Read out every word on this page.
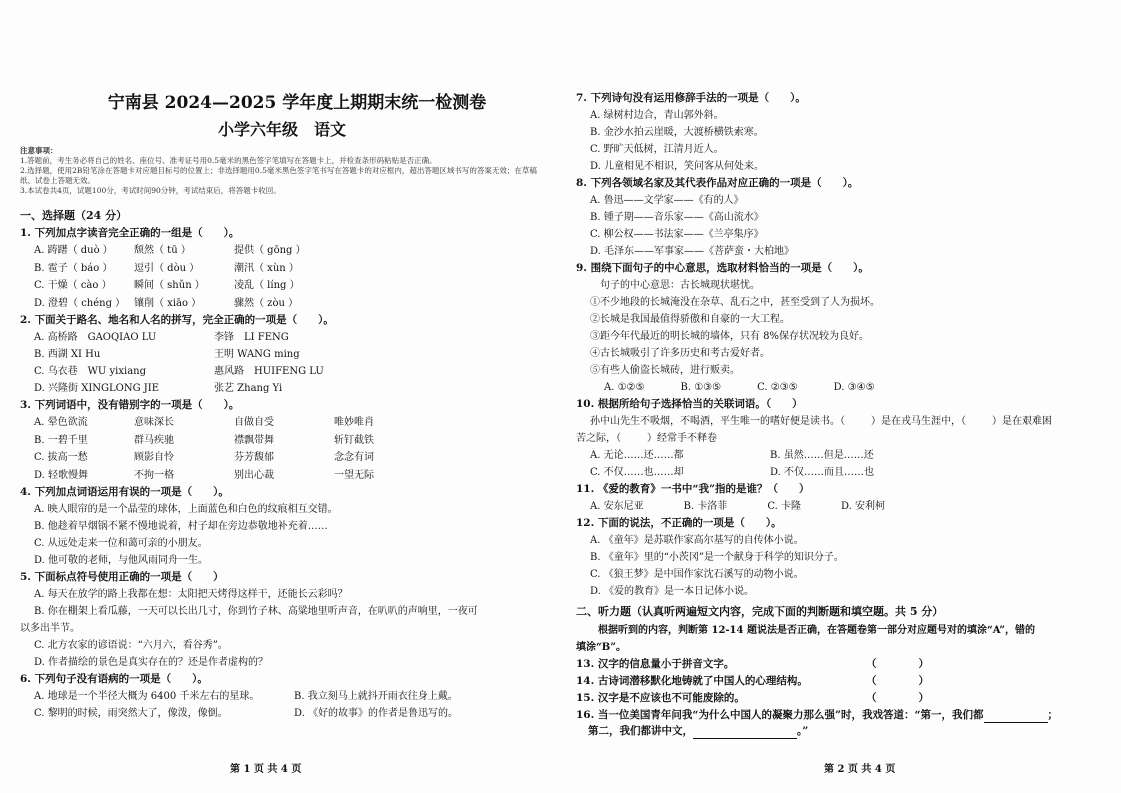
宁南县 2024—2025 学年度上期期末统一检测卷

小学六年级　语文

注意事项：

1.答题前，考生务必将自己的姓名、座位号、准考证号用0.5毫米的黑色签字笔填写在答题卡上，并检查条形码粘贴是否正确。

2.选择题，使用2B铅笔涂在答题卡对应题目标号的位置上；非选择题用0.5毫米黑色签字笔书写在答题卡的对应框内，超出答题区域书写的答案无效；在草稿纸、试卷上答题无效。

3.本试卷共4页，试题100分，考试时间90分钟，考试结束后，将答题卡收回。

一、选择题（24 分）
1. 下列加点字读音完全正确的一组是（　　）。
A. 踌躇（ duò ）	颓然（ tū ）	提供（ gōng ）
B. 雹子（ báo ）	逗引（ dòu ）	潮汛（ xùn ）
C. 干燥（ cào ）	瞬间（ shǔn ）	凌乱（ líng ）
D. 澄碧（ chéng ） 镶削（ xiāo ）	骤然（ zòu ）
2. 下面关于路名、地名和人名的拼写，完全正确的一项是（　　）。
A. 高桥路　GAOQIAO LU	李锋　LI FENG
B. 西湖 XI Hu	王明 WANG ming
C. 乌衣巷　WU yixiang	惠风路　HUIFENG LU
D. 兴隆街 XINGLONG JIE	张艺 Zhang Yi
3. 下列词语中，没有错别字的一项是（　　）。
A. 晕色欲流	意味深长	自做自受	唯妙唯肖
B. 一碧千里	群马疾驰	襟飘带舞	斩钉截铁
C. 拔高一愁	顾影自怜	芬芳馥郁	念念有词
D. 轻歌慢舞	不拘一格	别出心裁	一望无际
4. 下列加点词语运用有误的一项是（　　）。

A. 映人眼帘的是一个晶莹的球体，上面蓝色和白色的纹痕相互交错。

B. 他趁着早烟锅不紧不慢地说着，村子却在旁边恭敬地补充着……

C. 从远处走来一位和蔼可亲的小朋友。

D. 他可敬的老师，与他风雨同舟一生。

5. 下面标点符号使用正确的一项是（　　）

A. 每天在放学的路上我都在想：太阳把天烤得这样干，还能长云彩吗？

B. 你在棚架上看瓜藤，一天可以长出几寸，你到竹子林、高粱地里听声音，在叭叭的声响里，一夜可

以多出半节。

C. 北方农家的谚语说：“六月六，看谷秀”。

D. 作者描绘的景色是真实存在的？还是作者虚构的？

6. 下列句子没有语病的一项是（　　）。
A. 地球是一个半径大概为 6400 千米左右的星球。	B. 我立刻马上就抖开雨衣往身上戴。
C. 黎明的时候，雨突然大了，像泼，像倒。	D. 《好的故事》的作者是鲁迅写的。
第 1 页 共 4 页
7. 下列诗句没有运用修辞手法的一项是（　　）。

A. 绿树村边合，青山郭外斜。

B. 金沙水拍云崖暖，大渡桥横铁索寒。

C. 野旷天低树，江清月近人。

D. 儿童相见不相识，笑问客从何处来。

8. 下列各领域名家及其代表作品对应正确的一项是（　　）。

A. 鲁迅——文学家——《有的人》

B. 锺子期——音乐家——《高山流水》

C. 柳公权——书法家——《兰亭集序》

D. 毛泽东——军事家——《菩萨蛮・大柏地》

9. 围绕下面句子的中心意思，选取材料恰当的一项是（　　）。

句子的中心意思：古长城现状堪忧。

①不少地段的长城淹没在杂草、乱石之中，甚至受到了人为损坏。

②长城是我国最值得骄傲和自豪的一大工程。

③距今年代最近的明长城的墙体，只有 8%保存状况较为良好。

④古长城吸引了许多历史和考古爱好者。

⑤有些人偷盗长城砖，进行贩卖。

A. ①②⑤	B. ①③⑤	C. ②③⑤	D. ③④⑤
10. 根据所给句子选择恰当的关联词语。（　　）

孙中山先生不吸烟，不喝酒，平生唯一的嗜好便是读书。（	）是在戎马生涯中，（	）是在艰难困

苦之际，（	）经常手不释卷

A. 无论……还……都	B. 虽然……但是……还
C. 不仅……也……却	D. 不仅……而且……也
11. 《爱的教育》一书中“我”指的是谁？（　　）
A. 安东尼亚	B. 卡洛菲	C. 卡隆	D. 安利柯
12. 下面的说法，不正确的一项是（　　）。

A. 《童年》是苏联作家高尔基写的自传体小说。

B. 《童年》里的“小茨冈”是一个献身于科学的知识分子。

C. 《狼王梦》是中国作家沈石溪写的动物小说。

D. 《爱的教育》是一本日记体小说。

二、听力题（认真听两遍短文内容，完成下面的判断题和填空题。共 5 分）

根据听到的内容，判断第 12-14 题说法是否正确，在答题卷第一部分对应题号对的填涂“A”，错的

填涂“B”。

13. 汉字的信息量小于拼音文字。	（　　　　）
14. 古诗词潜移默化地铸就了中国人的心理结构。	（　　　　）
15. 汉字是不应该也不可能废除的。	（　　　　）
16. 当一位美国青年问我“为什么中国人的凝聚力那么强”时，我戏答道：“第一，我们都	；
第二，我们都讲中文，	。”
第 2 页 共 4 页
